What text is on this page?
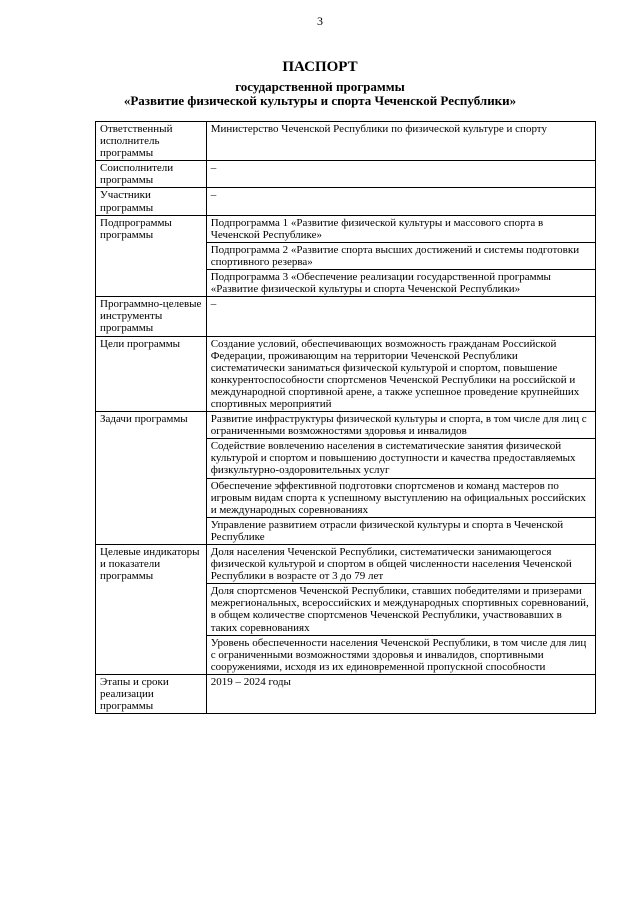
3
ПАСПОРТ
государственной программы
«Развитие физической культуры и спорта Чеченской Республики»
Ответственный исполнитель программы	Министерство Чеченской Республики по физической культуре и спорту
Соисполнители программы	–
Участники программы	–
Подпрограммы программы	Подпрограмма 1 «Развитие физической культуры и массового спорта в Чеченской Республике»
	Подпрограмма 2 «Развитие спорта высших достижений и системы подготовки спортивного резерва»
	Подпрограмма 3 «Обеспечение реализации государственной программы «Развитие физической культуры и спорта Чеченской Республики»
Программно-целевые инструменты программы	–
Цели программы	Создание условий, обеспечивающих возможность гражданам Российской Федерации, проживающим на территории Чеченской Республики систематически заниматься физической культурой и спортом, повышение конкурентоспособности спортсменов Чеченской Республики на российской и международной спортивной арене, а также успешное проведение крупнейших спортивных мероприятий
Задачи программы	Развитие инфраструктуры физической культуры и спорта, в том числе для лиц с ограниченными возможностями здоровья и инвалидов
	Содействие вовлечению населения в систематические занятия физической культурой и спортом и повышению доступности и качества предоставляемых физкультурно-оздоровительных услуг
	Обеспечение эффективной подготовки спортсменов и команд мастеров по игровым видам спорта к успешному выступлению на официальных российских и международных соревнованиях
	Управление развитием отрасли физической культуры и спорта в Чеченской Республике
Целевые индикаторы и показатели программы	Доля населения Чеченской Республики, систематически занимающегося физической культурой и спортом в общей численности населения Чеченской Республики в возрасте от 3 до 79 лет
	Доля спортсменов Чеченской Республики, ставших победителями и призерами межрегиональных, всероссийских и международных спортивных соревнований, в общем количестве спортсменов Чеченской Республики, участвовавших в таких соревнованиях
	Уровень обеспеченности населения Чеченской Республики, в том числе для лиц с ограниченными возможностями здоровья и инвалидов, спортивными сооружениями, исходя из их единовременной пропускной способности
Этапы и сроки реализации программы	2019 – 2024 годы
